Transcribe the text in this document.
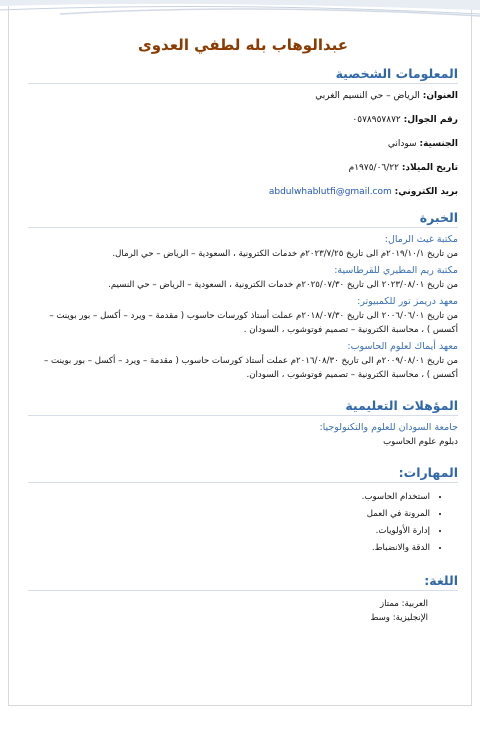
عبدالوهاب بله لطفي العدوى
المعلومات الشخصية
العنوان: الرياض – حي النسيم الغربي
رقم الجوال: ٠٥٧٨٩٥٧٨٧٢
الجنسية: سوداني
تاريخ الميلاد: ١٩٧٥/٠٦/٢٢م
بريد الكتروني: abdulwhablutfi@gmail.com
الخبرة
مكتبة غيث الرمال:
من تاريخ ٢٠١٩/١٠/١م الى تاريخ ٢٠٢٣/٧/٢٥م خدمات الكترونية ، السعودية – الرياض – حي الرمال.
مكتبة ريم المطيري للقرطاسية:
من تاريخ ٢٠٢٣/٠٨/٠١ الى تاريخ ٢٠٢٥/٠٧/٣٠م خدمات الكترونية ، السعودية – الرياض – حي النسيم.
معهد دريمز تور للكمبيوتر:
من تاريخ ٢٠٠٦/٠٦/٠١ الى تاريخ ٢٠١٨/٠٧/٣٠م عملت أستاذ كورسات حاسوب ( مقدمة – ويرد – أكسل – بور بوينت – أكسس ) ، محاسبة الكترونية – تصميم فوتوشوب ، السودان .
معهد أيماك لعلوم الحاسوب:
من تاريخ ٢٠٠٩/٠٨/٠١م الى تاريخ ٢٠١٦/٠٨/٣٠م عملت أستاذ كورسات حاسوب ( مقدمة – ويرد – أكسل – بور بوينت – أكسس ) ، محاسبة الكترونية – تصميم فوتوشوب ، السودان.
المؤهلات التعليمية
جامعة السودان للعلوم والتكنولوجيا:
دبلوم علوم الحاسوب
المهارات:
• استخدام الحاسوب.
• المرونة في العمل
• إدارة الأولويات.
• الدقة والانضباط.
اللغة:
العربية: ممتاز
الإنجليزية: وسط
